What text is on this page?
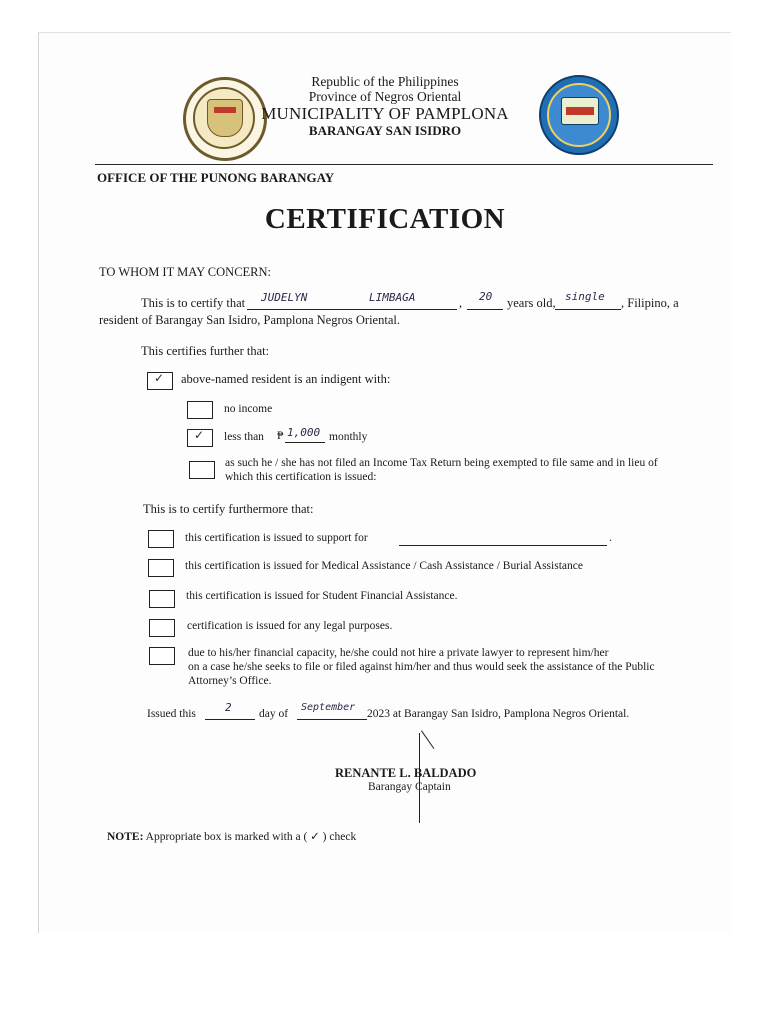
Republic of the Philippines
Province of Negros Oriental
MUNICIPALITY OF PAMPLONA
BARANGAY SAN ISIDRO
OFFICE OF THE PUNONG BARANGAY
CERTIFICATION
TO WHOM IT MAY CONCERN:
This is to certify that JUDELYN	LIMBAGA	, 20 years old, single , Filipino, a
resident of Barangay San Isidro, Pamplona Negros Oriental.
This certifies further that:
✓ above-named resident is an indigent with:
no income
✓ less than ₱ 1,000 monthly
as such he / she has not filed an Income Tax Return being exempted to file same and in lieu of
which this certification is issued:
This is to certify furthermore that:
this certification is issued to support for	.
this certification is issued for Medical Assistance / Cash Assistance / Burial Assistance
this certification is issued for Student Financial Assistance.
certification is issued for any legal purposes.
due to his/her financial capacity, he/she could not hire a private lawyer to represent him/her
on a case he/she seeks to file or filed against him/her and thus would seek the assistance of the Public
Attorney’s Office.
Issued this	2 day of
September
2023 at Barangay San Isidro, Pamplona Negros Oriental.
RENANTE L. BALDADO
Barangay Captain
NOTE: Appropriate box is marked with a ( ✓ ) check
